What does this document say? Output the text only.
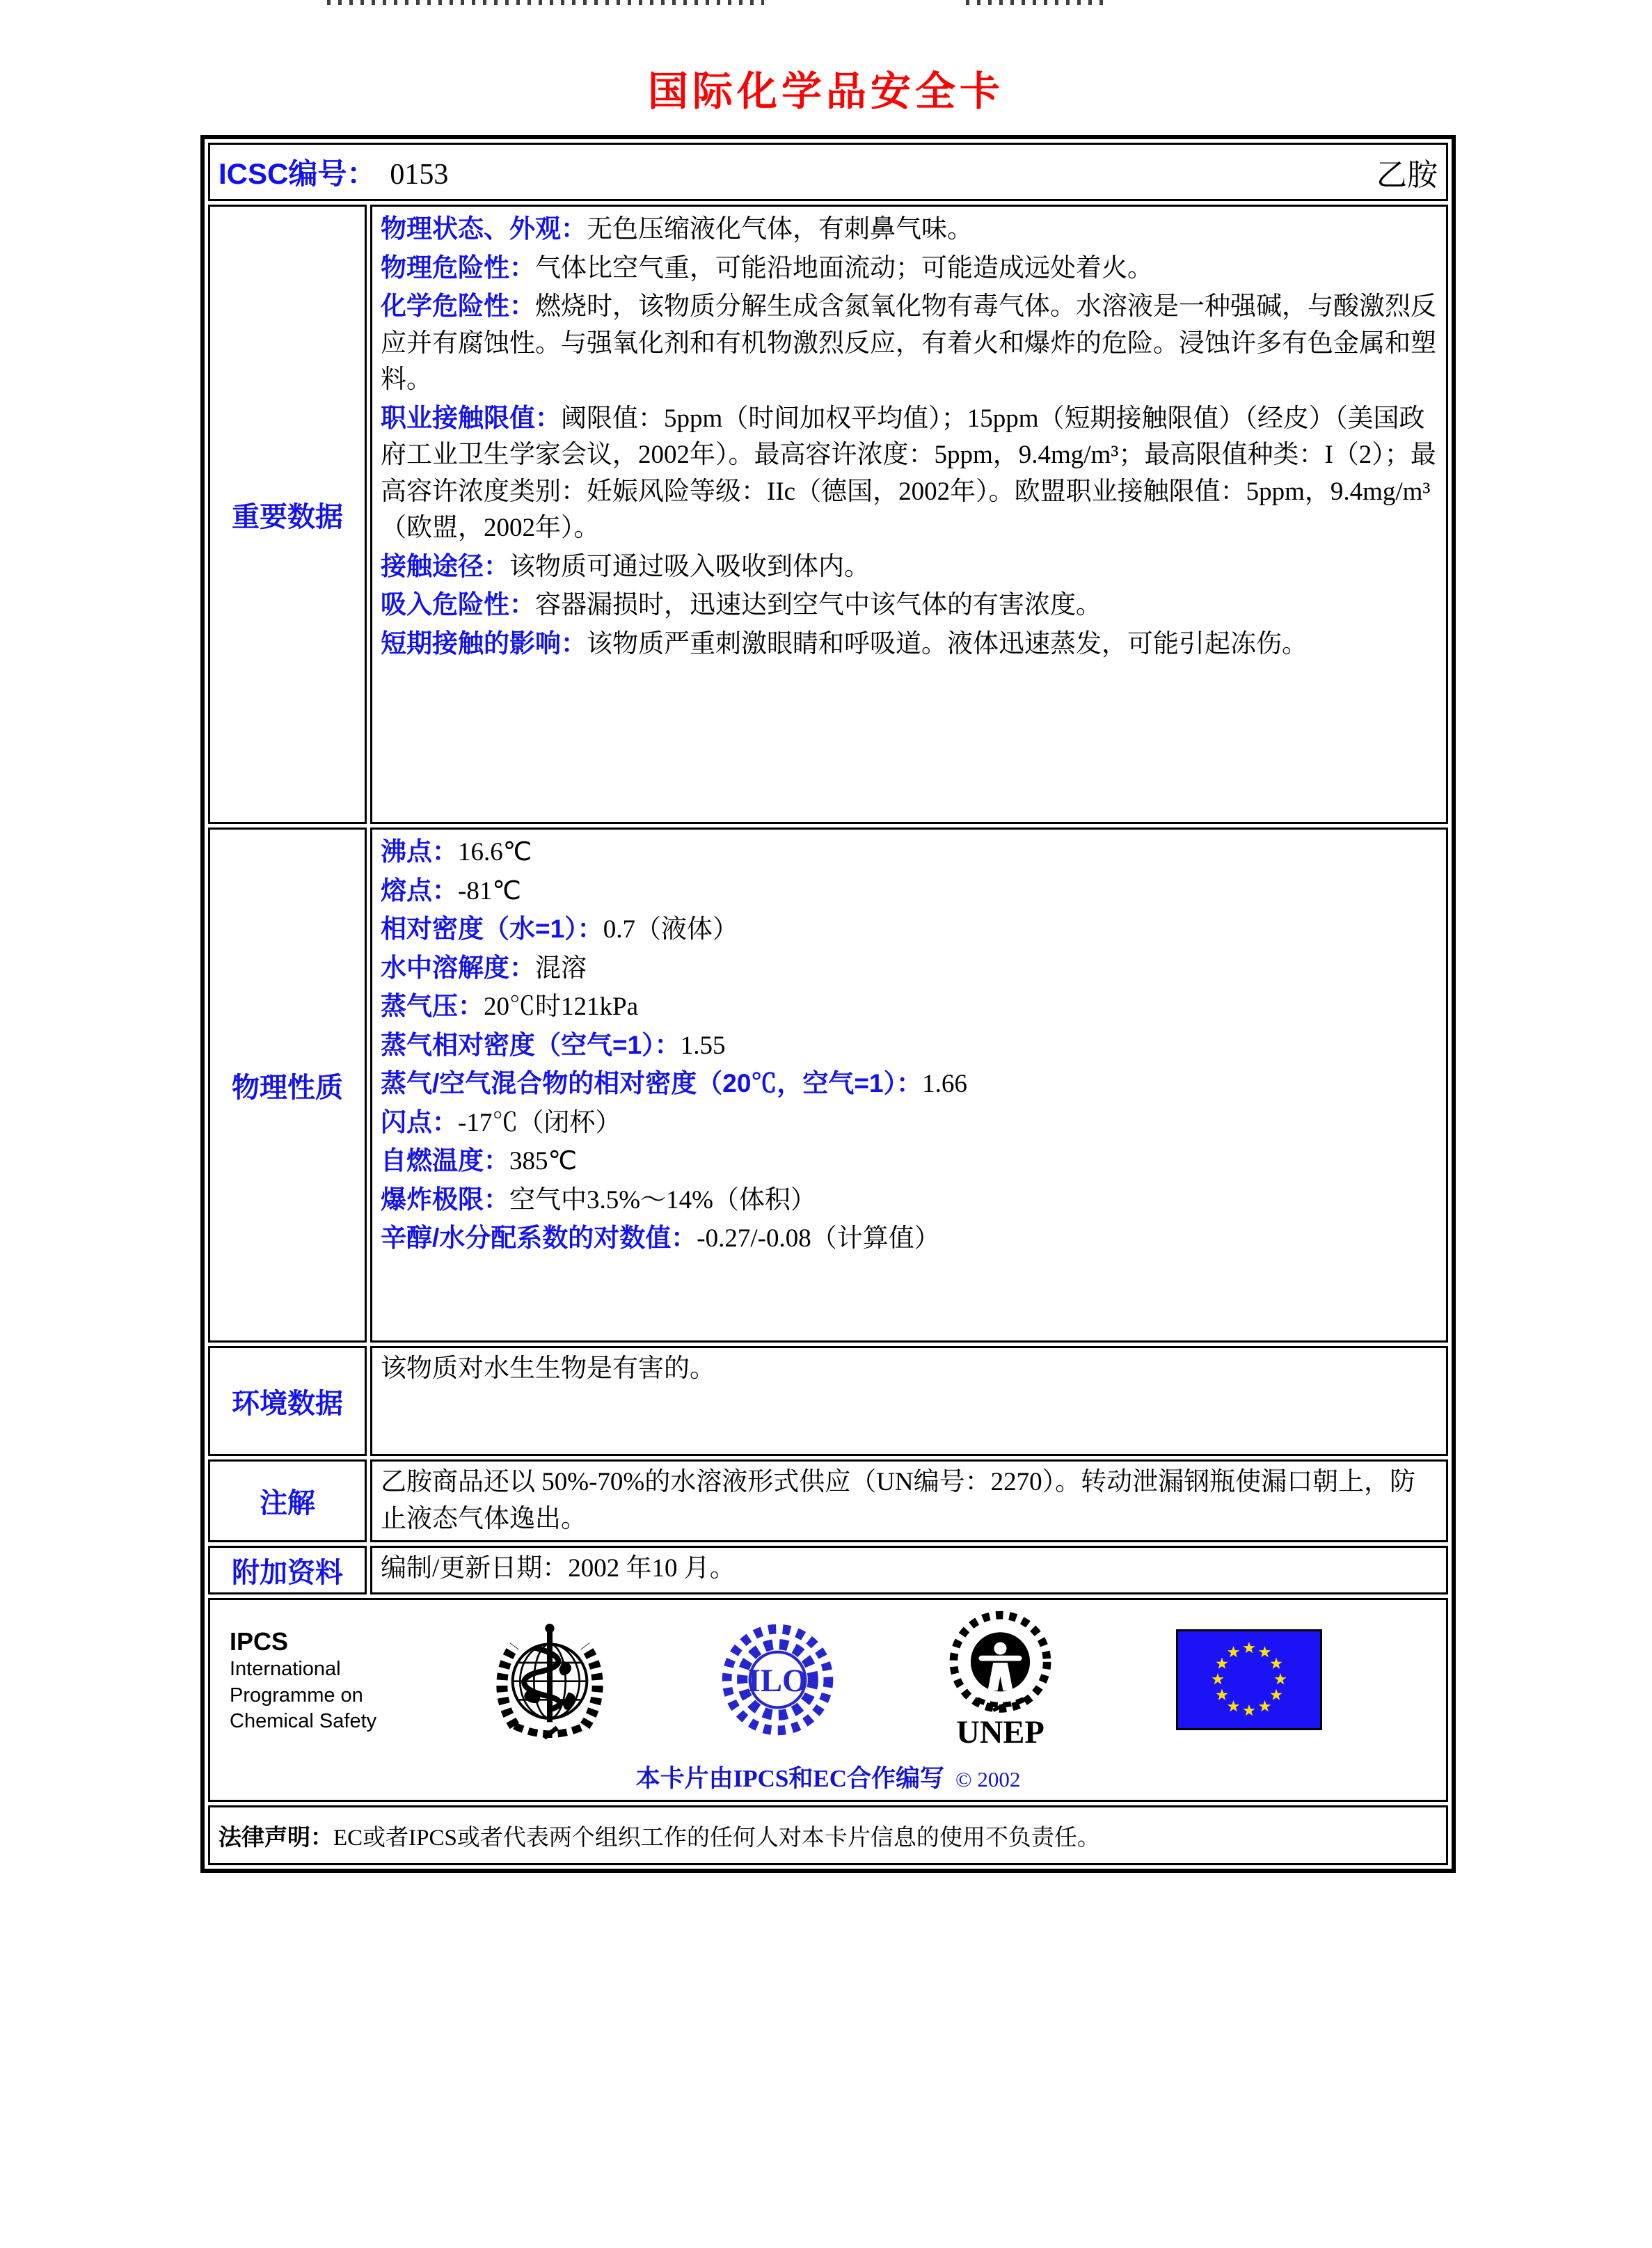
国际化学品安全卡
ICSC编号： 0153 乙胺	

重要数据	
物理状态、外观：无色压缩液化气体，有刺鼻气味。
物理危险性：气体比空气重，可能沿地面流动；可能造成远处着火。
化学危险性：燃烧时，该物质分解生成含氮氧化物有毒气体。水溶液是一种强碱，与酸激烈反应并有腐蚀性。与强氧化剂和有机物激烈反应，有着火和爆炸的危险。浸蚀许多有色金属和塑料。
职业接触限值：阈限值：5ppm（时间加权平均值）；15ppm（短期接触限值）（经皮）（美国政府工业卫生学家会议，2002年）。最高容许浓度：5ppm，9.4mg/m³；最高限值种类：I（2）；最高容许浓度类别：妊娠风险等级：IIc（德国，2002年）。欧盟职业接触限值：5ppm，9.4mg/m³（欧盟，2002年）。
接触途径：该物质可通过吸入吸收到体内。
吸入危险性：容器漏损时，迅速达到空气中该气体的有害浓度。
短期接触的影响：该物质严重刺激眼睛和呼吸道。液体迅速蒸发，可能引起冻伤。

物理性质	
沸点：16.6℃
熔点：-81℃
相对密度（水=1）：0.7（液体）
水中溶解度：混溶
蒸气压：20℃时121kPa
蒸气相对密度（空气=1）：1.55
蒸气/空气混合物的相对密度（20℃，空气=1）：1.66
闪点：-17℃（闭杯）
自燃温度：385℃
爆炸极限：空气中3.5%～14%（体积）
辛醇/水分配系数的对数值：-0.27/-0.08（计算值）

环境数据	该物质对水生生物是有害的。
注解	乙胺商品还以 50%-70%的水溶液形式供应（UN编号：2270）。转动泄漏钢瓶使漏口朝上，防止液态气体逸出。
附加资料	编制/更新日期：2002 年10 月。

IPCS
International
Programme on
Chemical Safety
ILO
UNEP
本卡片由IPCS和EC合作编写 © 2002

法律声明：EC或者IPCS或者代表两个组织工作的任何人对本卡片信息的使用不负责任。	
